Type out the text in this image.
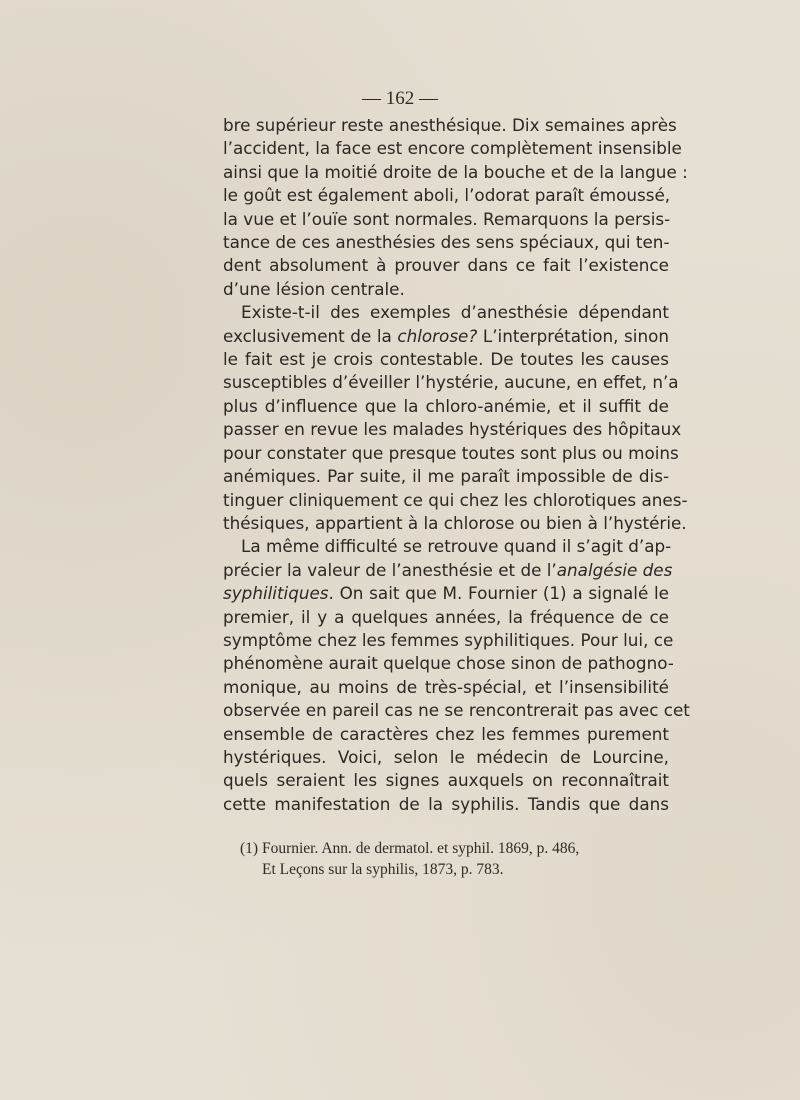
— 162 —
bre supérieur reste anesthésique. Dix semaines après
l’accident, la face est encore complètement insensible
ainsi que la moitié droite de la bouche et de la langue :
le goût est également aboli, l’odorat paraît émoussé,
la vue et l’ouïe sont normales. Remarquons la persis-
tance de ces anesthésies des sens spéciaux, qui ten-
dent absolument à prouver dans ce fait l’existence
d’une lésion centrale.
Existe-t-il des exemples d’anesthésie dépendant
exclusivement de la chlorose? L’interprétation, sinon
le fait est je crois contestable. De toutes les causes
susceptibles d’éveiller l’hystérie, aucune, en effet, n’a
plus d’influence que la chloro-anémie, et il suffit de
passer en revue les malades hystériques des hôpitaux
pour constater que presque toutes sont plus ou moins
anémiques. Par suite, il me paraît impossible de dis-
tinguer cliniquement ce qui chez les chlorotiques anes-
thésiques, appartient à la chlorose ou bien à l’hystérie.
La même difficulté se retrouve quand il s’agit d’ap-
précier la valeur de l’anesthésie et de l’analgésie des
syphilitiques. On sait que M. Fournier (1) a signalé le
premier, il y a quelques années, la fréquence de ce
symptôme chez les femmes syphilitiques. Pour lui, ce
phénomène aurait quelque chose sinon de pathogno-
monique, au moins de très-spécial, et l’insensibilité
observée en pareil cas ne se rencontrerait pas avec cet
ensemble de caractères chez les femmes purement
hystériques. Voici, selon le médecin de Lourcine,
quels seraient les signes auxquels on reconnaîtrait
cette manifestation de la syphilis. Tandis que dans
(1) Fournier. Ann. de dermatol. et syphil. 1869, p. 486,
Et Leçons sur la syphilis, 1873, p. 783.
